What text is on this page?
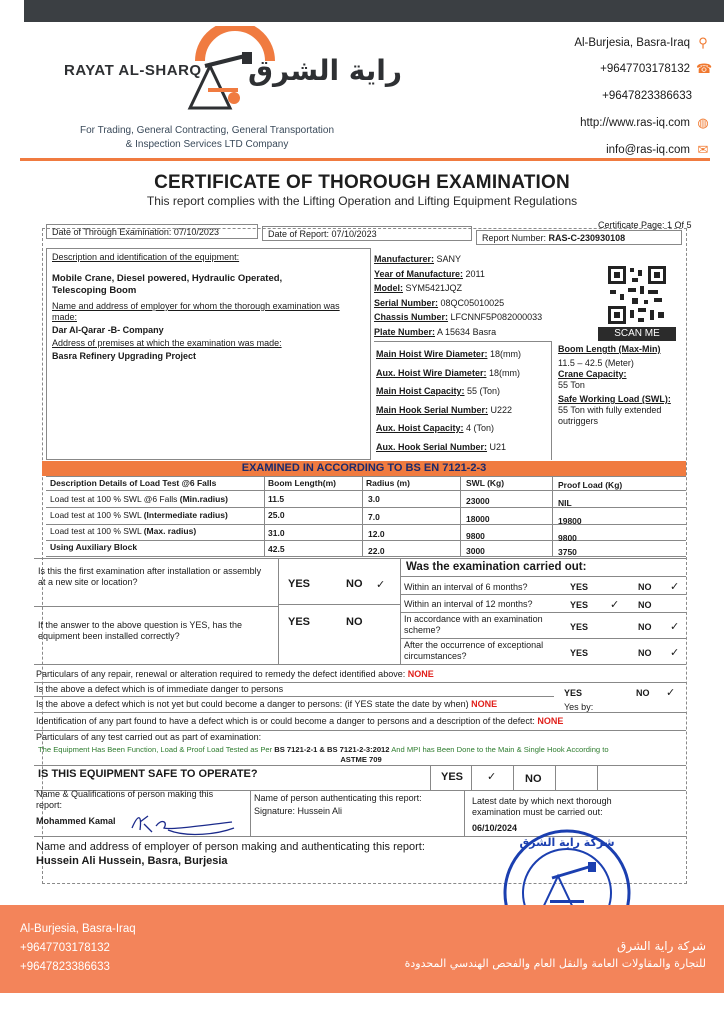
RAYAT AL-SHARQ راية الشرق
For Trading, General Contracting, General Transportation
& Inspection Services LTD Company
Al-Burjesia, Basra-Iraq ⚲
+9647703178132 ☎
+9647823386633
http://www.ras-iq.com ◍
info@ras-iq.com ✉
CERTIFICATE OF THOROUGH EXAMINATION
This report complies with the Lifting Operation and Lifting Equipment Regulations
Certificate Page: 1 Of 5
Date of Through Examination: 07/10/2023	Date of Report: 07/10/2023	Report Number: RAS-C-230930108
Description and identification of the equipment:
Mobile Crane, Diesel powered, Hydraulic Operated,
Telescoping Boom
Name and address of employer for whom the thorough examination was made:
Dar Al-Qarar -B- Company
Address of premises at which the examination was made:
Basra Refinery Upgrading Project
Manufacturer: SANY
Year of Manufacture: 2011
Model: SYM5421JQZ
Serial Number: 08QC05010025
Chassis Number: LFCNNF5P082000033
Plate Number: A 15634 Basra
Main Hoist Wire Diameter: 18(mm)
Aux. Hoist Wire Diameter: 18(mm)
Main Hoist Capacity: 55 (Ton)
Main Hook Serial Number: U222
Aux. Hoist Capacity: 4 (Ton)
Aux. Hook Serial Number: U21
Boom Length (Max-Min)
11.5 – 42.5 (Meter)
Crane Capacity:
55 Ton
Safe Working Load (SWL):
55 Ton with fully extended
outriggers
SCAN ME
EXAMINED IN ACCORDING TO BS EN 7121-2-3
Description Details of Load Test @6 Falls	Boom Length(m)	Radius (m)	SWL (Kg)	Proof Load (Kg)
Load test at 100 % SWL @6 Falls (Min.radius)	11.5	3.0	23000	NIL
Load test at 100 % SWL (Intermediate radius)	25.0	7.0	18000	19800
Load test at 100 % SWL (Max. radius)	31.0	12.0	9800	9800
Using Auxiliary Block	42.5	22.0	3000	3750
Is this the first examination after installation or assembly at a new site or location?
If the answer to the above question is YES, has the equipment been installed correctly?
YES	NO ✓
YES	NO
Was the examination carried out:
Within an interval of 6 months?	YES	NO ✓
Within an interval of 12 months?	YES ✓ NO
In accordance with an examination scheme?	YES	NO ✓
After the occurrence of exceptional circumstances?	YES	NO ✓
Particulars of any repair, renewal or alteration required to remedy the defect identified above: NONE
Is the above a defect which is of immediate danger to persons	YES	NO ✓
Is the above a defect which is not yet but could become a danger to persons: (if YES state the date by when) NONE	Yes by:
Identification of any part found to have a defect which is or could become a danger to persons and a description of the defect: NONE
Particulars of any test carried out as part of examination:
The Equipment Has Been Function, Load & Proof Load Tested as Per BS 7121-2-1 & BS 7121-2-3:2012 And MPI has Been Done to the Main & Single Hook According to
ASTME 709
IS THIS EQUIPMENT SAFE TO OPERATE?	YES ✓	NO
Name & Qualifications of person making this report:
Mohammed Kamal
Name of person authenticating this report:
Signature: Hussein Ali
Latest date by which next thorough examination must be carried out:
06/10/2024
Name and address of employer of person making and authenticating this report:
Hussein Ali Hussein, Basra, Burjesia
شركة راية الشرق
Al-Burjesia, Basra-Iraq
+9647703178132
+9647823386633
شركة راية الشرق
للتجارة والمقاولات العامة والنقل العام والفحص الهندسي المحدودة
